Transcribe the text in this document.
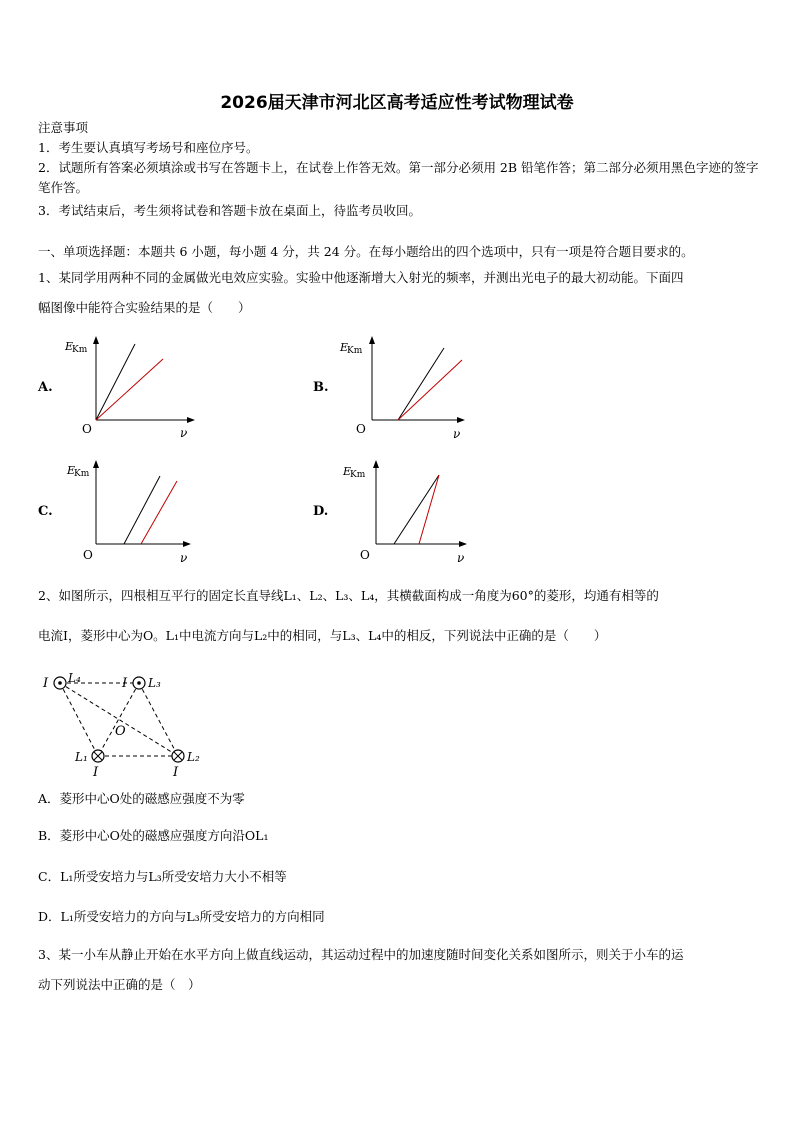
2026届天津市河北区高考适应性考试物理试卷
注意事项
1．考生要认真填写考场号和座位序号。
2．试题所有答案必须填涂或书写在答题卡上，在试卷上作答无效。第一部分必须用 2B 铅笔作答；第二部分必须用黑色字迹的签字笔作答。
3．考试结束后，考生须将试卷和答题卡放在桌面上，待监考员收回。
一、单项选择题：本题共 6 小题，每小题 4 分，共 24 分。在每小题给出的四个选项中，只有一项是符合题目要求的。
1、某同学用两种不同的金属做光电效应实验。实验中他逐渐增大入射光的频率，并测出光电子的最大初动能。下面四
幅图像中能符合实验结果的是（　　）
A.	B.
C.	D.
E
Km
O	ν
E
Km
O	ν
E
Km
O	ν
E
Km
O	ν
2、如图所示，四根相互平行的固定长直导线L₁、L₂、L₃、L₄，其横截面构成一角度为60°的菱形，均通有相等的
电流I，菱形中心为O。L₁中电流方向与L₂中的相同，与L₃、L₄中的相反，下列说法中正确的是（　　）
I L₄	I L₃
O
L₁	L₂
I	I
A．菱形中心O处的磁感应强度不为零
B．菱形中心O处的磁感应强度方向沿OL₁
C．L₁所受安培力与L₃所受安培力大小不相等
D．L₁所受安培力的方向与L₃所受安培力的方向相同
3、某一小车从静止开始在水平方向上做直线运动，其运动过程中的加速度随时间变化关系如图所示，则关于小车的运
动下列说法中正确的是（　）
